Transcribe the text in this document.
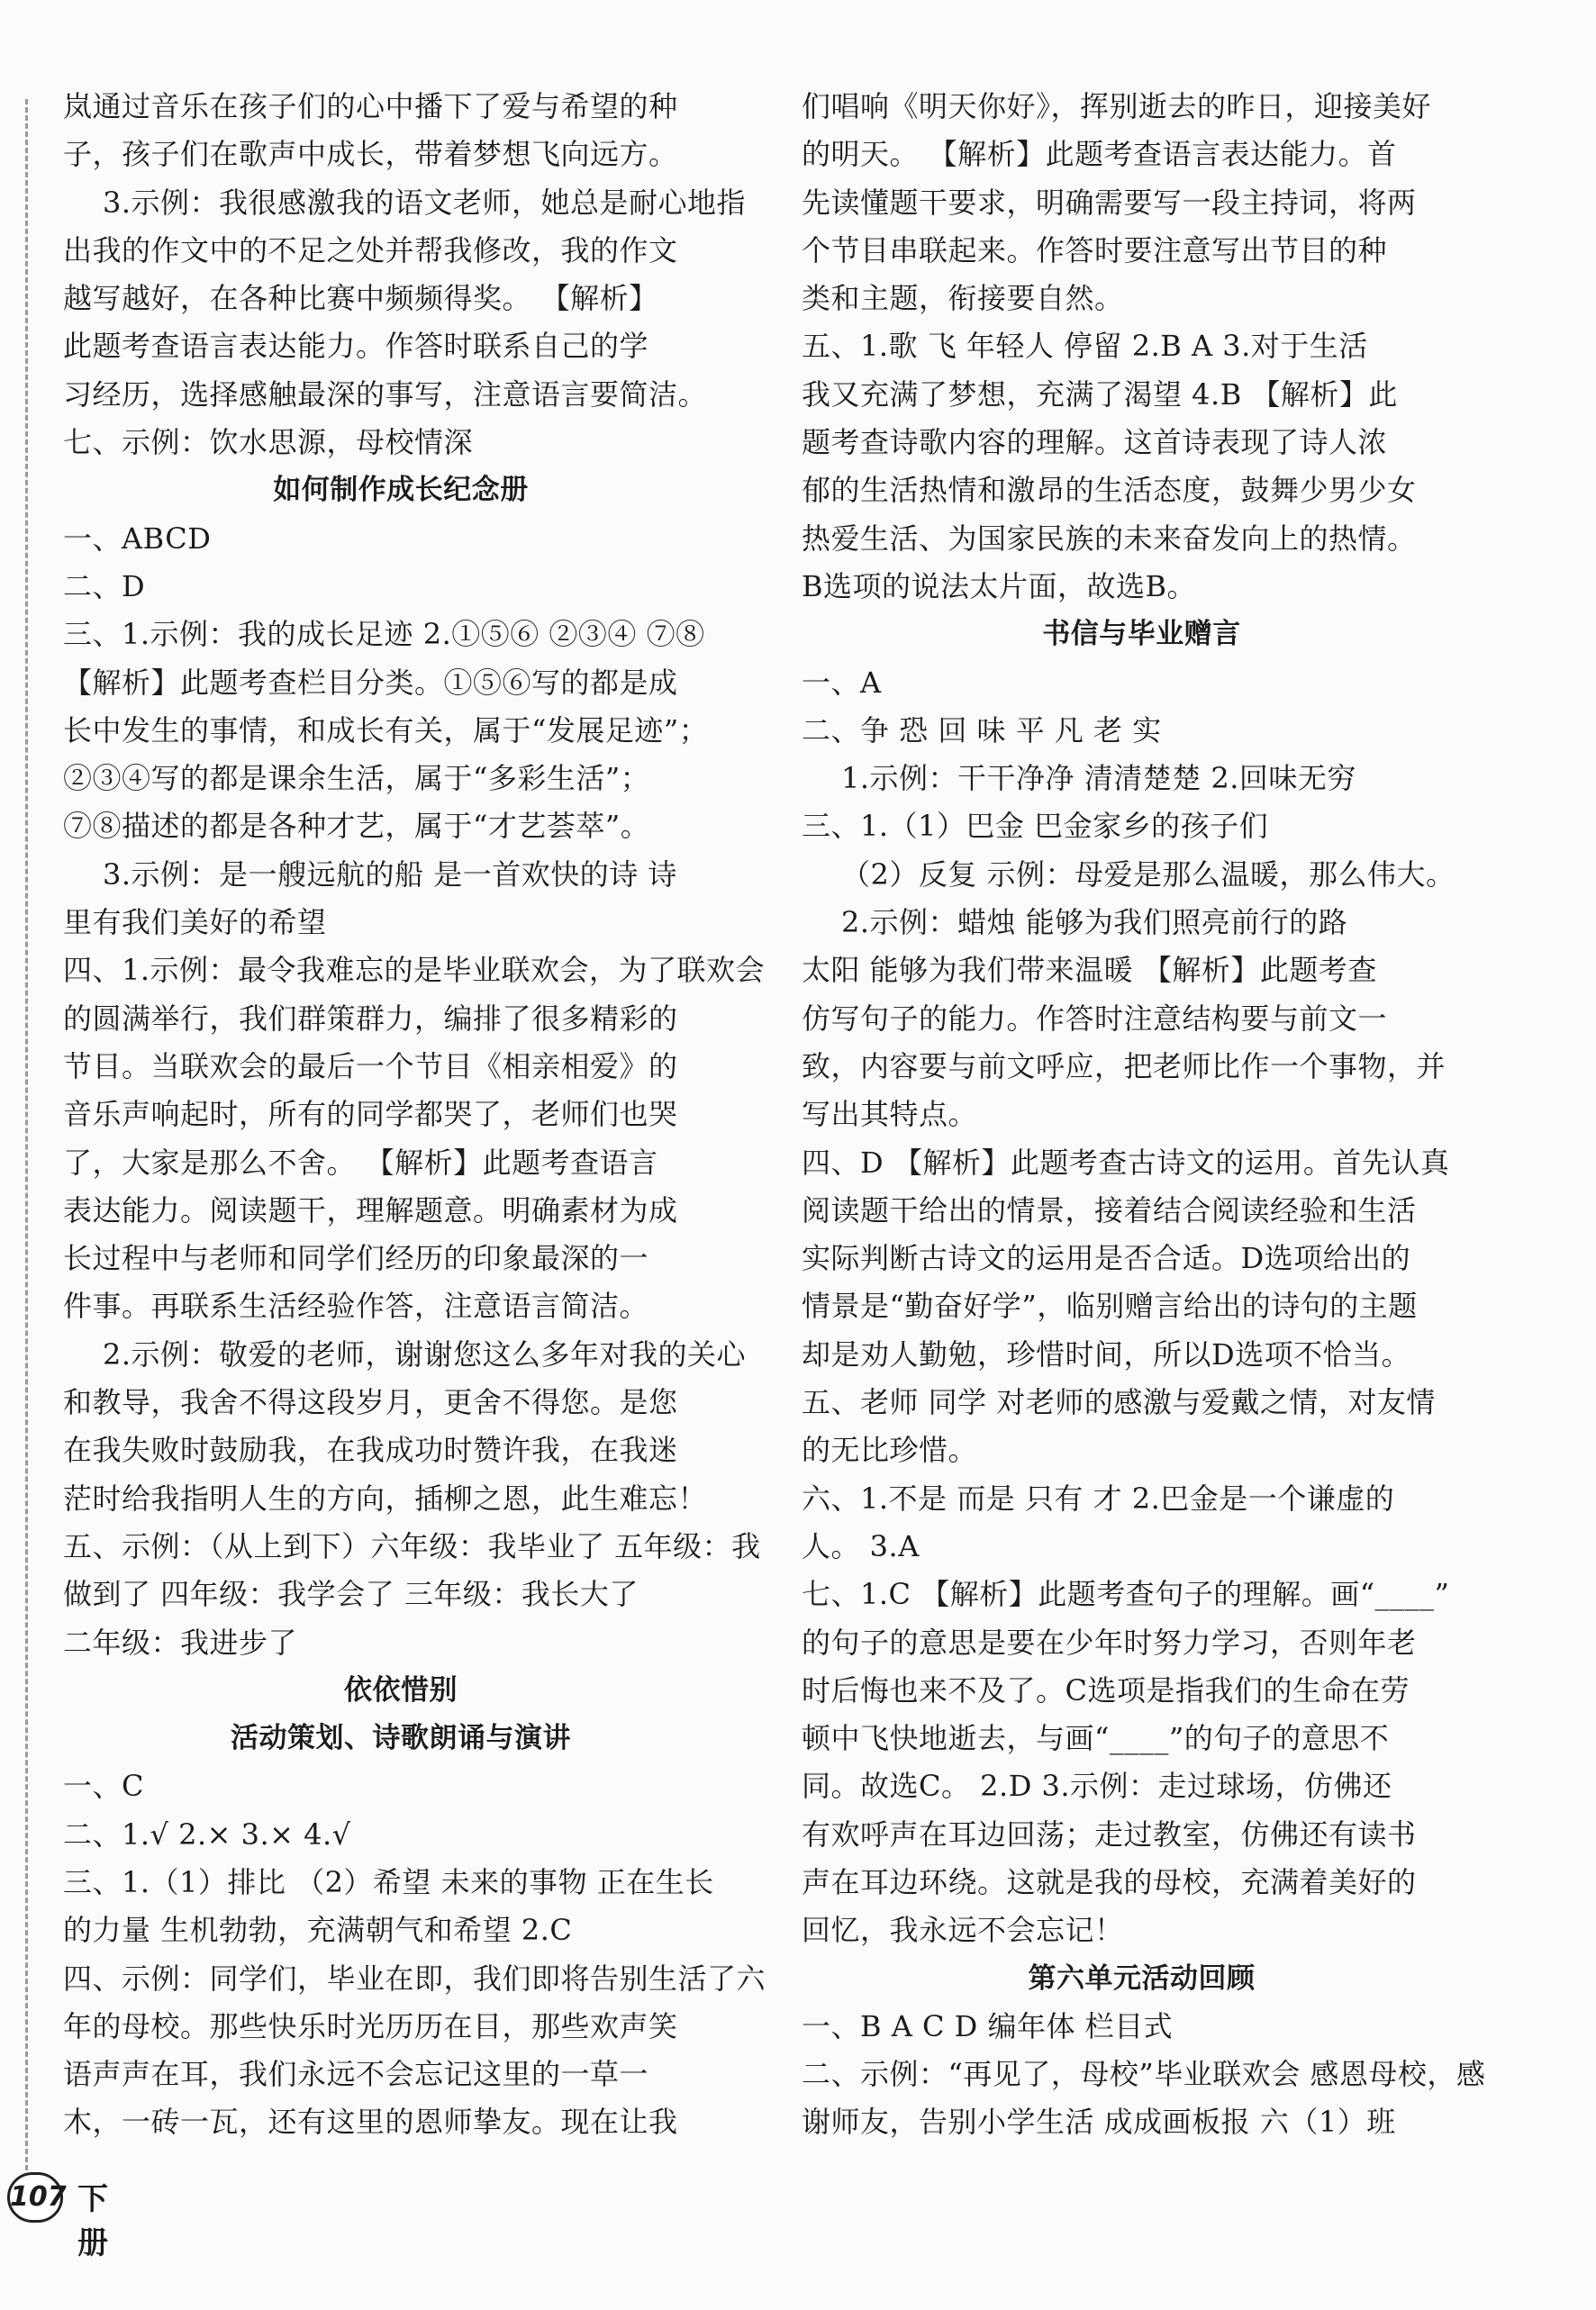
岚通过音乐在孩子们的心中播下了爱与希望的种
子，孩子们在歌声中成长，带着梦想飞向远方。
3.示例：我很感激我的语文老师，她总是耐心地指
出我的作文中的不足之处并帮我修改，我的作文
越写越好，在各种比赛中频频得奖。 【解析】
此题考查语言表达能力。作答时联系自己的学
习经历，选择感触最深的事写，注意语言要简洁。
七、示例：饮水思源，母校情深
如何制作成长纪念册
一、ABCD
二、D
三、1.示例：我的成长足迹 2.①⑤⑥ ②③④ ⑦⑧
【解析】此题考查栏目分类。①⑤⑥写的都是成
长中发生的事情，和成长有关，属于“发展足迹”；
②③④写的都是课余生活，属于“多彩生活”；
⑦⑧描述的都是各种才艺，属于“才艺荟萃”。
3.示例：是一艘远航的船 是一首欢快的诗 诗
里有我们美好的希望
四、1.示例：最令我难忘的是毕业联欢会，为了联欢会
的圆满举行，我们群策群力，编排了很多精彩的
节目。当联欢会的最后一个节目《相亲相爱》的
音乐声响起时，所有的同学都哭了，老师们也哭
了，大家是那么不舍。 【解析】此题考查语言
表达能力。阅读题干，理解题意。明确素材为成
长过程中与老师和同学们经历的印象最深的一
件事。再联系生活经验作答，注意语言简洁。
2.示例：敬爱的老师，谢谢您这么多年对我的关心
和教导，我舍不得这段岁月，更舍不得您。是您
在我失败时鼓励我，在我成功时赞许我，在我迷
茫时给我指明人生的方向，插柳之恩，此生难忘！
五、示例：（从上到下）六年级：我毕业了 五年级：我
做到了 四年级：我学会了 三年级：我长大了
二年级：我进步了
依依惜别
活动策划、诗歌朗诵与演讲
一、C
二、1.√ 2.× 3.× 4.√
三、1.（1）排比 （2）希望 未来的事物 正在生长
的力量 生机勃勃，充满朝气和希望 2.C
四、示例：同学们，毕业在即，我们即将告别生活了六
年的母校。那些快乐时光历历在目，那些欢声笑
语声声在耳，我们永远不会忘记这里的一草一
木，一砖一瓦，还有这里的恩师挚友。现在让我
们唱响《明天你好》，挥别逝去的昨日，迎接美好
的明天。 【解析】此题考查语言表达能力。首
先读懂题干要求，明确需要写一段主持词，将两
个节目串联起来。作答时要注意写出节目的种
类和主题，衔接要自然。
五、1.歌 飞 年轻人 停留 2.B A 3.对于生活
我又充满了梦想，充满了渴望 4.B 【解析】此
题考查诗歌内容的理解。这首诗表现了诗人浓
郁的生活热情和激昂的生活态度，鼓舞少男少女
热爱生活、为国家民族的未来奋发向上的热情。
B选项的说法太片面，故选B。
书信与毕业赠言
一、A
二、争 恐 回 味 平 凡 老 实
1.示例：干干净净 清清楚楚 2.回味无穷
三、1.（1）巴金 巴金家乡的孩子们
（2）反复 示例：母爱是那么温暖，那么伟大。
2.示例：蜡烛 能够为我们照亮前行的路
太阳 能够为我们带来温暖 【解析】此题考查
仿写句子的能力。作答时注意结构要与前文一
致，内容要与前文呼应，把老师比作一个事物，并
写出其特点。
四、D 【解析】此题考查古诗文的运用。首先认真
阅读题干给出的情景，接着结合阅读经验和生活
实际判断古诗文的运用是否合适。D选项给出的
情景是“勤奋好学”，临别赠言给出的诗句的主题
却是劝人勤勉，珍惜时间，所以D选项不恰当。
五、老师 同学 对老师的感激与爱戴之情，对友情
的无比珍惜。
六、1.不是 而是 只有 才 2.巴金是一个谦虚的
人。 3.A
七、1.C 【解析】此题考查句子的理解。画“____”
的句子的意思是要在少年时努力学习，否则年老
时后悔也来不及了。C选项是指我们的生命在劳
顿中飞快地逝去，与画“____”的句子的意思不
同。故选C。 2.D 3.示例：走过球场，仿佛还
有欢呼声在耳边回荡；走过教室，仿佛还有读书
声在耳边环绕。这就是我的母校，充满着美好的
回忆，我永远不会忘记！
第六单元活动回顾
一、B A C D 编年体 栏目式
二、示例：“再见了，母校”毕业联欢会 感恩母校，感
谢师友，告别小学生活 成成画板报 六（1）班
107 下册
